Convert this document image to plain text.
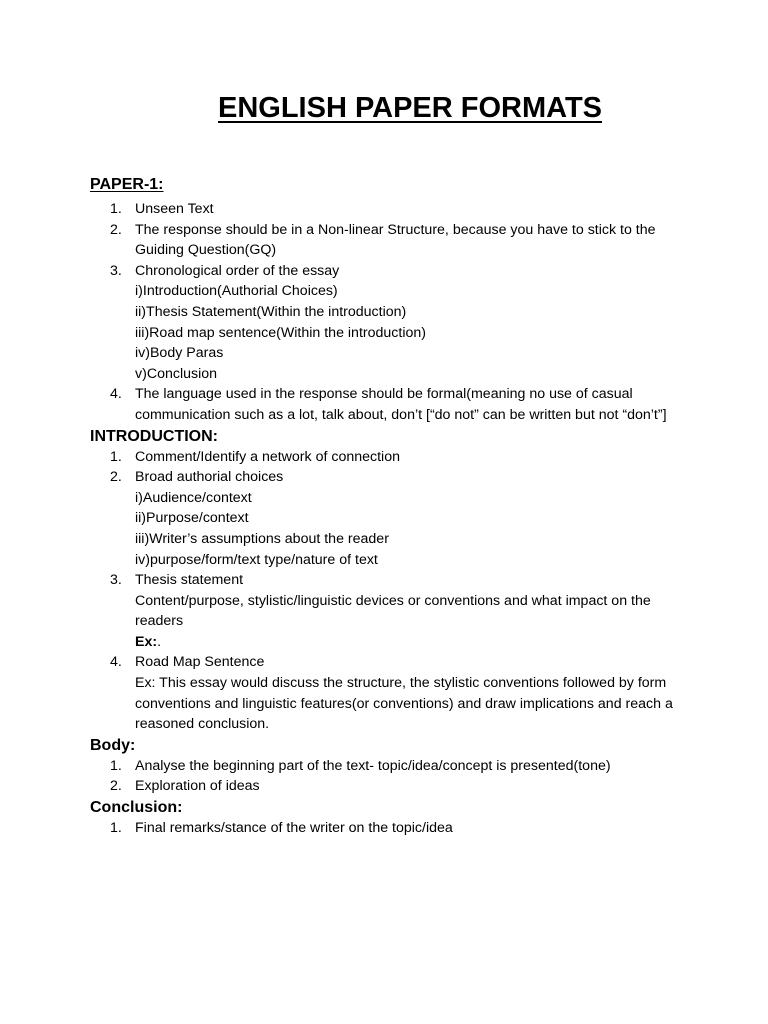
ENGLISH PAPER FORMATS
PAPER-1:
1. Unseen Text
2. The response should be in a Non-linear Structure, because you have to stick to the Guiding Question(GQ)
3. Chronological order of the essay
i)Introduction(Authorial Choices)
ii)Thesis Statement(Within the introduction)
iii)Road map sentence(Within the introduction)
iv)Body Paras
v)Conclusion
4. The language used in the response should be formal(meaning no use of casual communication such as a lot, talk about, don’t [“do not” can be written but not “don’t”]
INTRODUCTION:
1. Comment/Identify a network of connection
2. Broad authorial choices
i)Audience/context
ii)Purpose/context
iii)Writer’s assumptions about the reader
iv)purpose/form/text type/nature of text
3. Thesis statement
Content/purpose, stylistic/linguistic devices or conventions and what impact on the readers
Ex:.
4. Road Map Sentence
Ex: This essay would discuss the structure, the stylistic conventions followed by form conventions and linguistic features(or conventions) and draw implications and reach a reasoned conclusion.
Body:
1. Analyse the beginning part of the text- topic/idea/concept is presented(tone)
2. Exploration of ideas
Conclusion:
1. Final remarks/stance of the writer on the topic/idea
